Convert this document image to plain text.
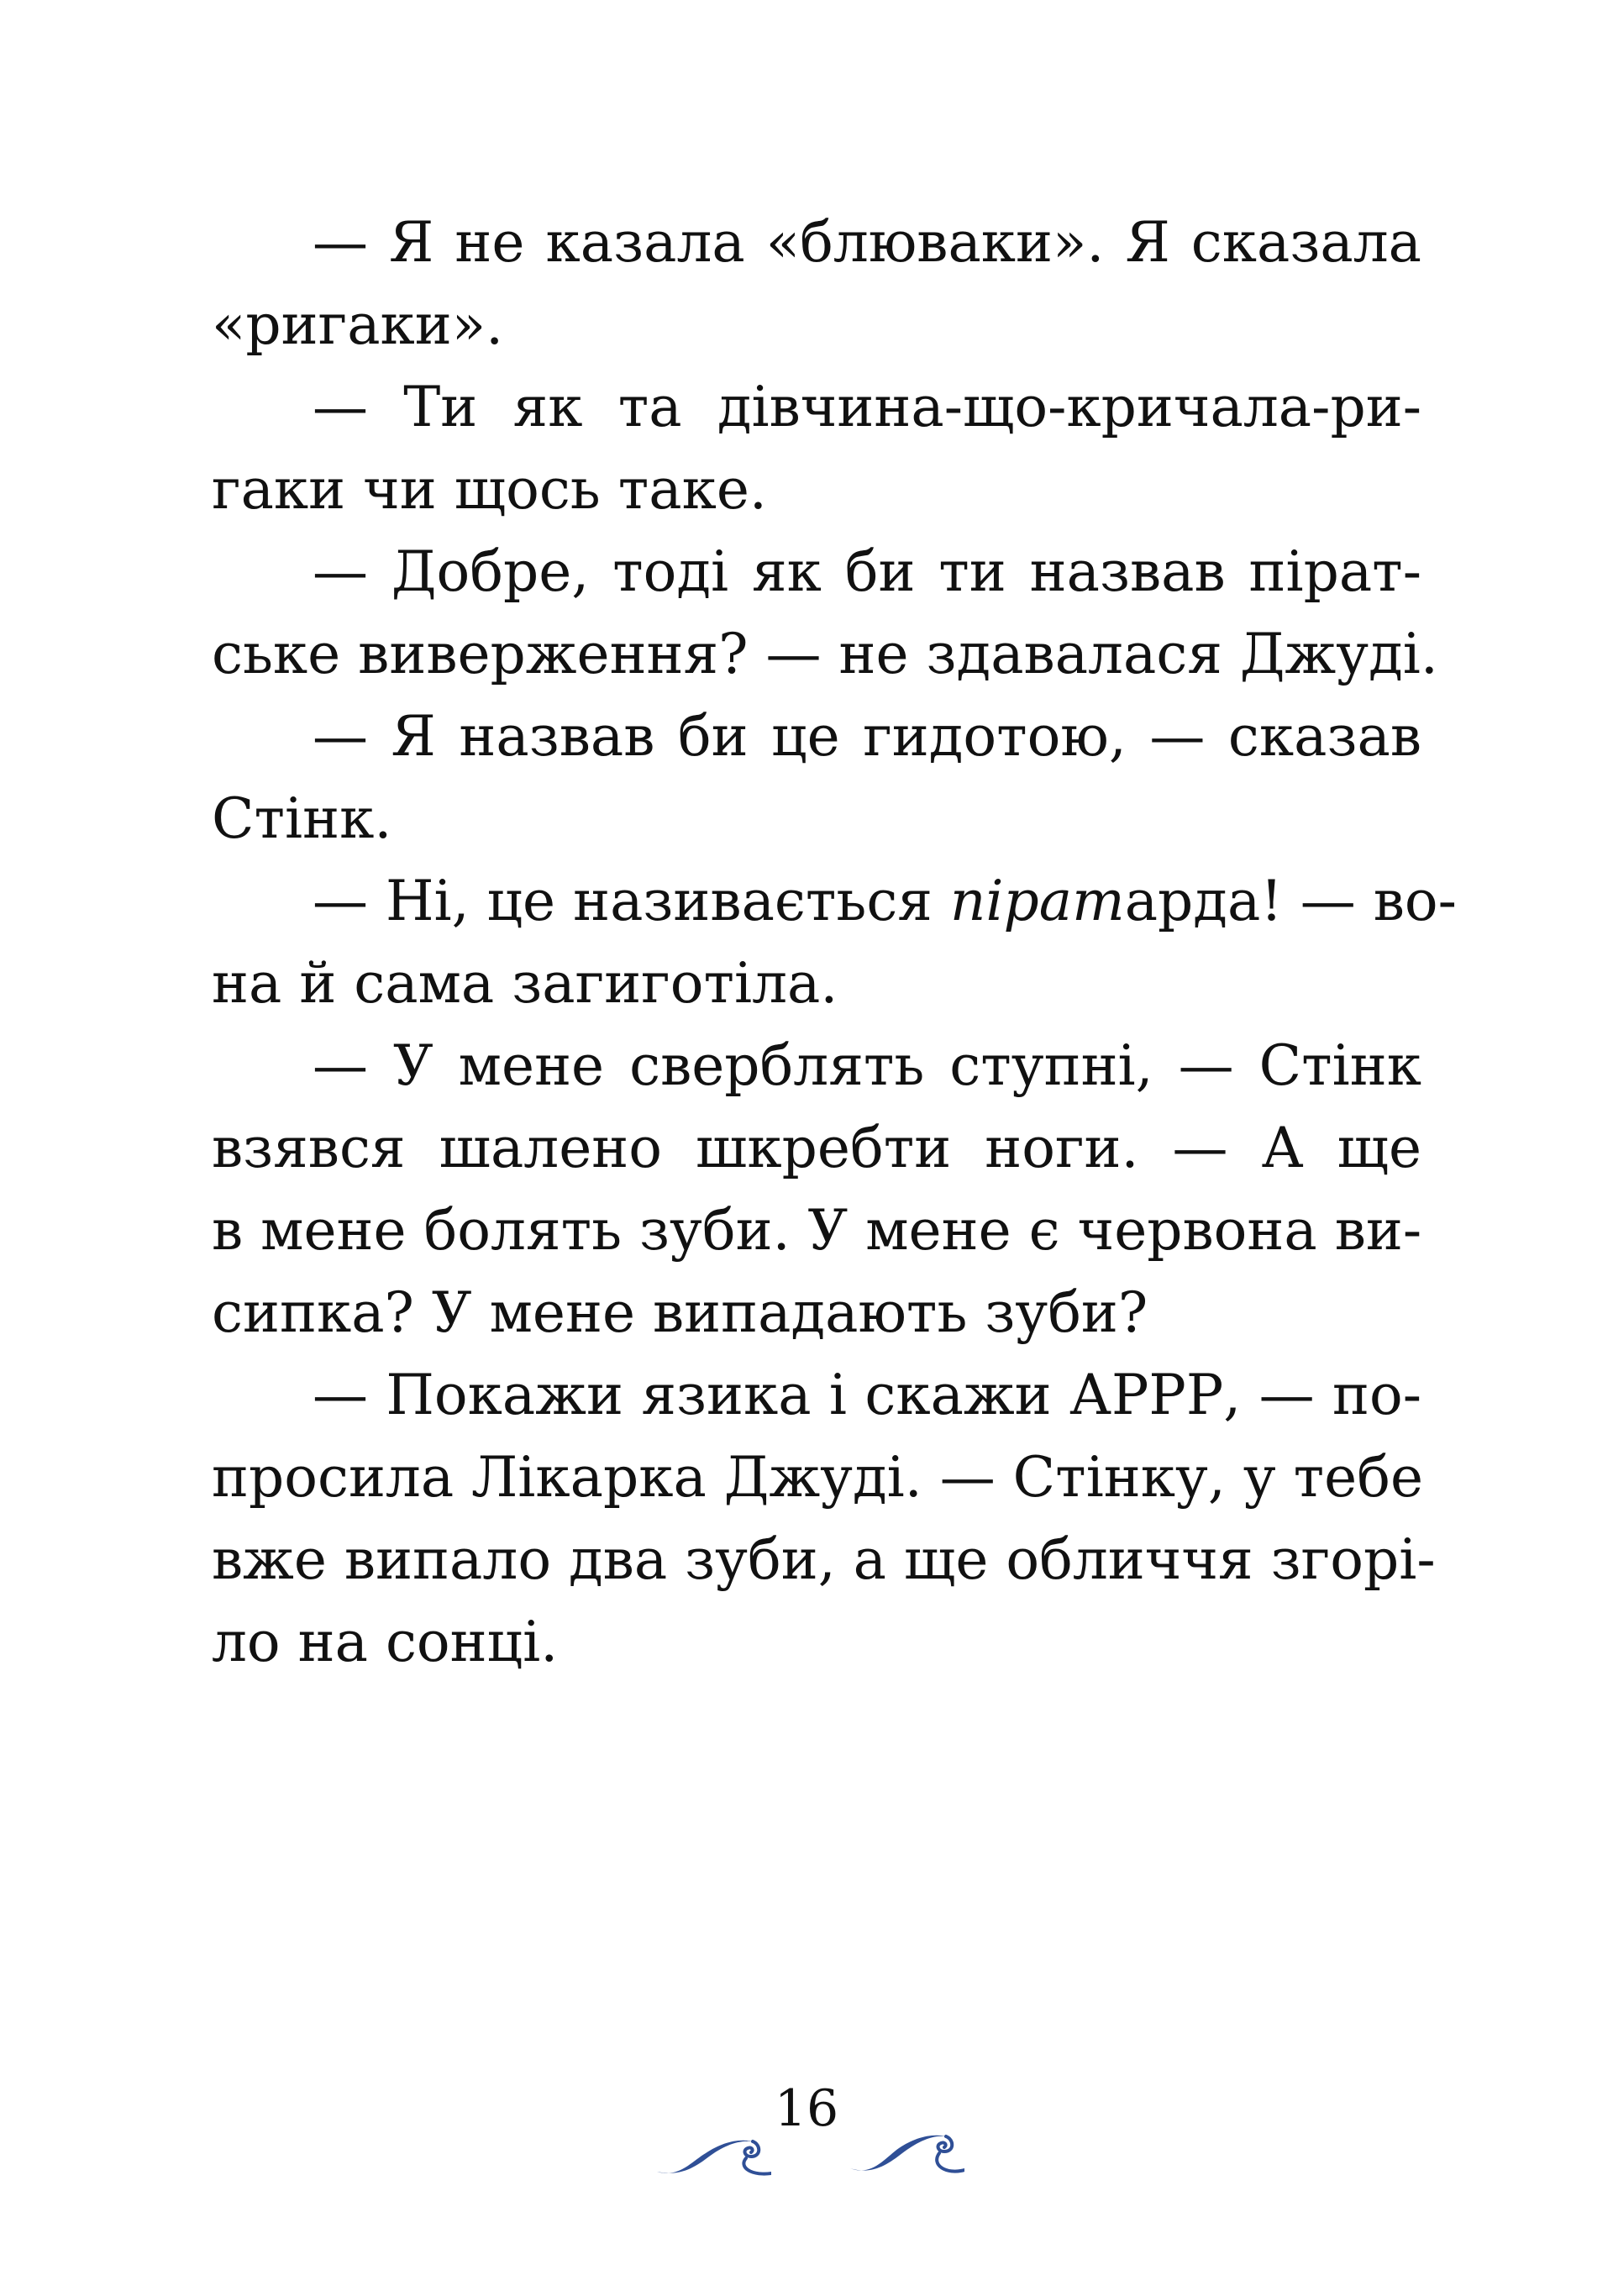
— Я не казала «блюваки». Я сказала
«ригаки».
— Ти як та дівчина-що-кричала-ри-
гаки чи щось таке.
— Добре, тоді як би ти назвав пірат-
ське виверження? — не здавалася Джуді.
— Я назвав би це гидотою, — сказав
Стінк.
— Ні, це називається піратарда! — во-
на й сама загиготіла.
— У мене сверблять ступні, — Стінк
взявся шалено шкребти ноги. — А ще
в мене болять зуби. У мене є червона ви-
сипка? У мене випадають зуби?
— Покажи язика і скажи АРРР, — по-
просила Лікарка Джуді. — Стінку, у тебе
вже випало два зуби, а ще обличчя згорі-
ло на сонці.
16
